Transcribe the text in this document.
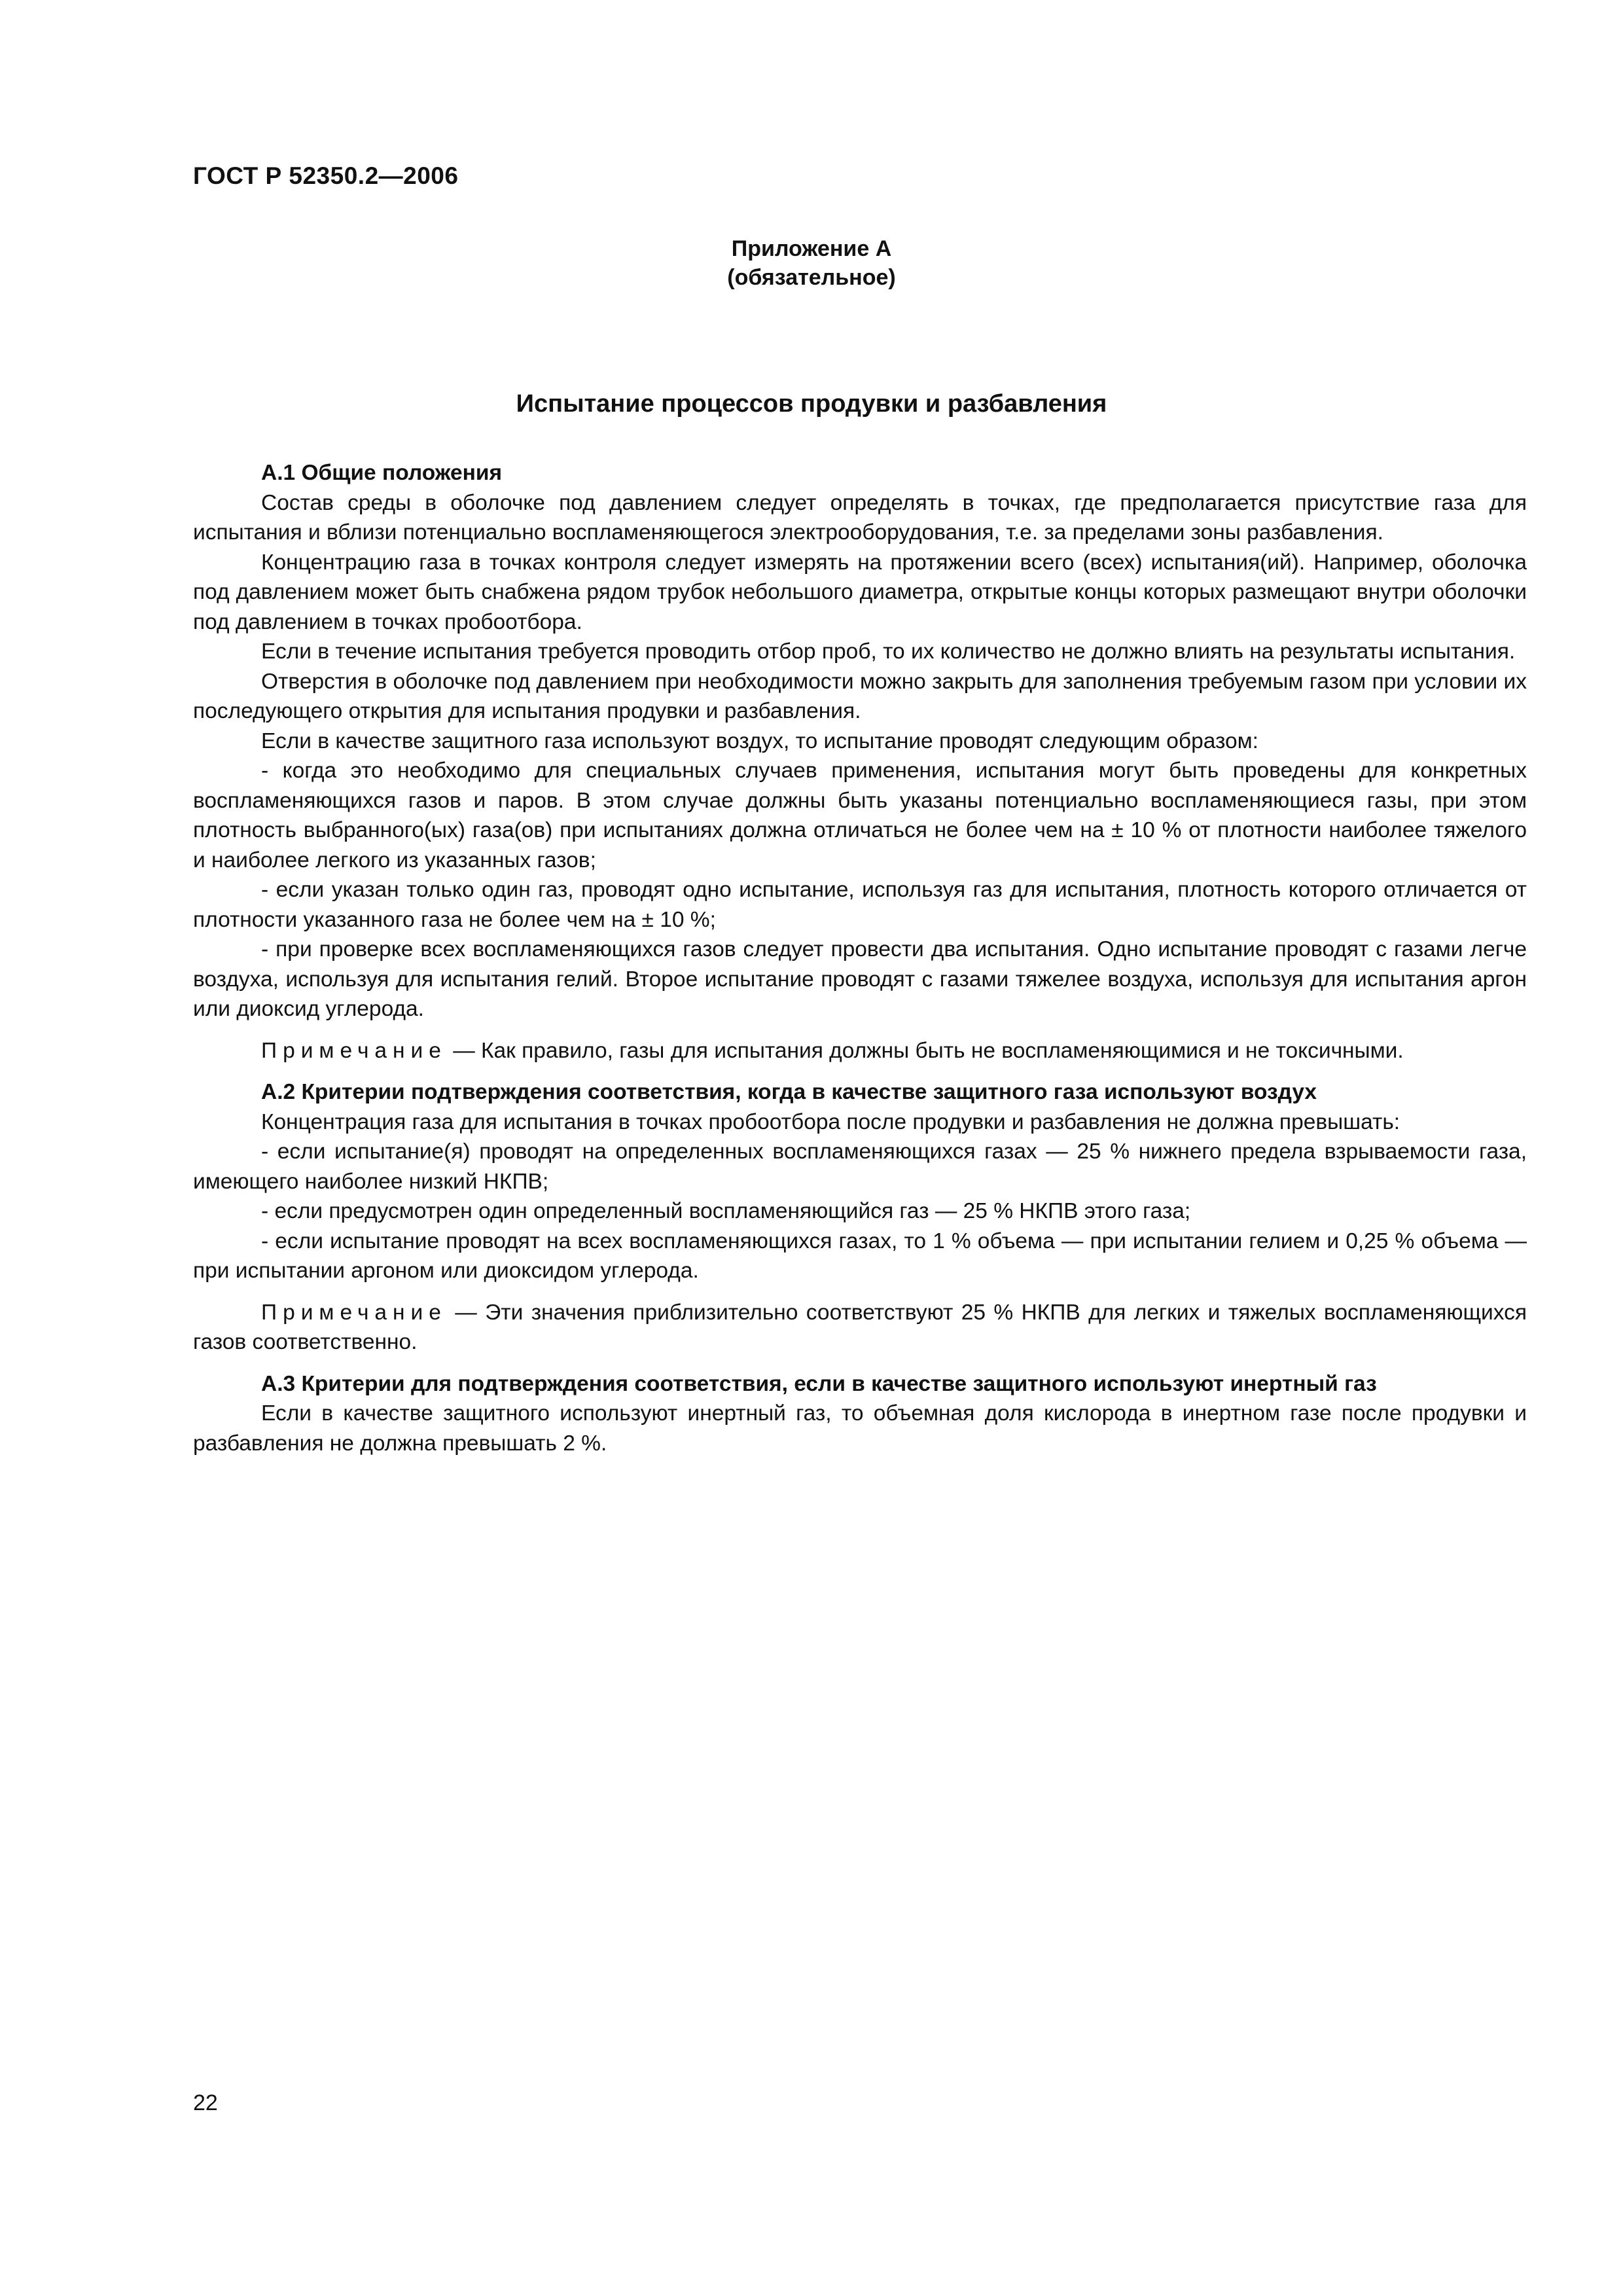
ГОСТ Р 52350.2—2006
Приложение А
(обязательное)
Испытание процессов продувки и разбавления
А.1 Общие положения

Состав среды в оболочке под давлением следует определять в точках, где предполагается присутствие газа для испытания и вблизи потенциально воспламеняющегося электрооборудования, т.е. за пределами зоны разбавления.

Концентрацию газа в точках контроля следует измерять на протяжении всего (всех) испытания(ий). Например, оболочка под давлением может быть снабжена рядом трубок небольшого диаметра, открытые концы которых размещают внутри оболочки под давлением в точках пробоотбора.

Если в течение испытания требуется проводить отбор проб, то их количество не должно влиять на результаты испытания.

Отверстия в оболочке под давлением при необходимости можно закрыть для заполнения требуемым газом при условии их последующего открытия для испытания продувки и разбавления.

Если в качестве защитного газа используют воздух, то испытание проводят следующим образом:

- когда это необходимо для специальных случаев применения, испытания могут быть проведены для конкретных воспламеняющихся газов и паров. В этом случае должны быть указаны потенциально воспламеняющиеся газы, при этом плотность выбранного(ых) газа(ов) при испытаниях должна отличаться не более чем на ± 10 % от плотности наиболее тяжелого и наиболее легкого из указанных газов;

- если указан только один газ, проводят одно испытание, используя газ для испытания, плотность которого отличается от плотности указанного газа не более чем на ± 10 %;

- при проверке всех воспламеняющихся газов следует провести два испытания. Одно испытание проводят с газами легче воздуха, используя для испытания гелий. Второе испытание проводят с газами тяжелее воздуха, используя для испытания аргон или диоксид углерода.

Примечание — Как правило, газы для испытания должны быть не воспламеняющимися и не токсичными.

А.2 Критерии подтверждения соответствия, когда в качестве защитного газа используют воздух

Концентрация газа для испытания в точках пробоотбора после продувки и разбавления не должна превышать:

- если испытание(я) проводят на определенных воспламеняющихся газах — 25 % нижнего предела взрываемости газа, имеющего наиболее низкий НКПВ;

- если предусмотрен один определенный воспламеняющийся газ — 25 % НКПВ этого газа;

- если испытание проводят на всех воспламеняющихся газах, то 1 % объема — при испытании гелием и 0,25 % объема — при испытании аргоном или диоксидом углерода.

Примечание — Эти значения приблизительно соответствуют 25 % НКПВ для легких и тяжелых воспламеняющихся газов соответственно.

А.3 Критерии для подтверждения соответствия, если в качестве защитного используют инертный газ

Если в качестве защитного используют инертный газ, то объемная доля кислорода в инертном газе после продувки и разбавления не должна превышать 2 %.

22
